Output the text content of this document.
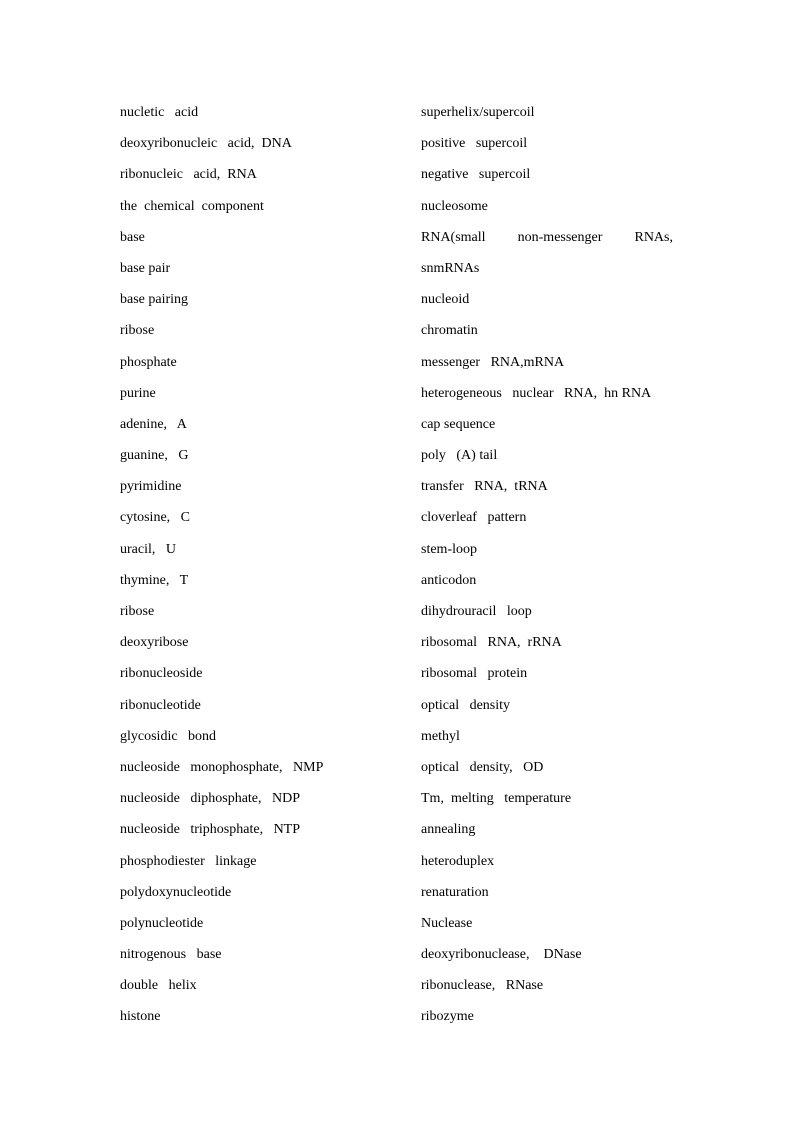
nucletic   acid
deoxyribonucleic   acid,  DNA
ribonucleic   acid,  RNA
the  chemical  component
base
base pair
base pairing
ribose
phosphate
purine
adenine,   A
guanine,   G
pyrimidine
cytosine,   C
uracil,   U
thymine,   T
ribose
deoxyribose
ribonucleoside
ribonucleotide
glycosidic   bond
nucleoside   monophosphate,   NMP
nucleoside   diphosphate,   NDP
nucleoside   triphosphate,   NTP
phosphodiester   linkage
polydoxynucleotide
polynucleotide
nitrogenous   base
double   helix
histone
superhelix/supercoil
positive   supercoil
negative   supercoil
nucleosome
RNA(small non-messenger RNAs,
snmRNAs
nucleoid
chromatin
messenger   RNA,mRNA
heterogeneous   nuclear   RNA,  hn RNA
cap sequence
poly   (A) tail
transfer   RNA,  tRNA
cloverleaf   pattern
stem-loop
anticodon
dihydrouracil   loop
ribosomal   RNA,  rRNA
ribosomal   protein
optical   density
methyl
optical   density,   OD
Tm,  melting   temperature
annealing
heteroduplex
renaturation
Nuclease
deoxyribonuclease,    DNase
ribonuclease,   RNase
ribozyme
